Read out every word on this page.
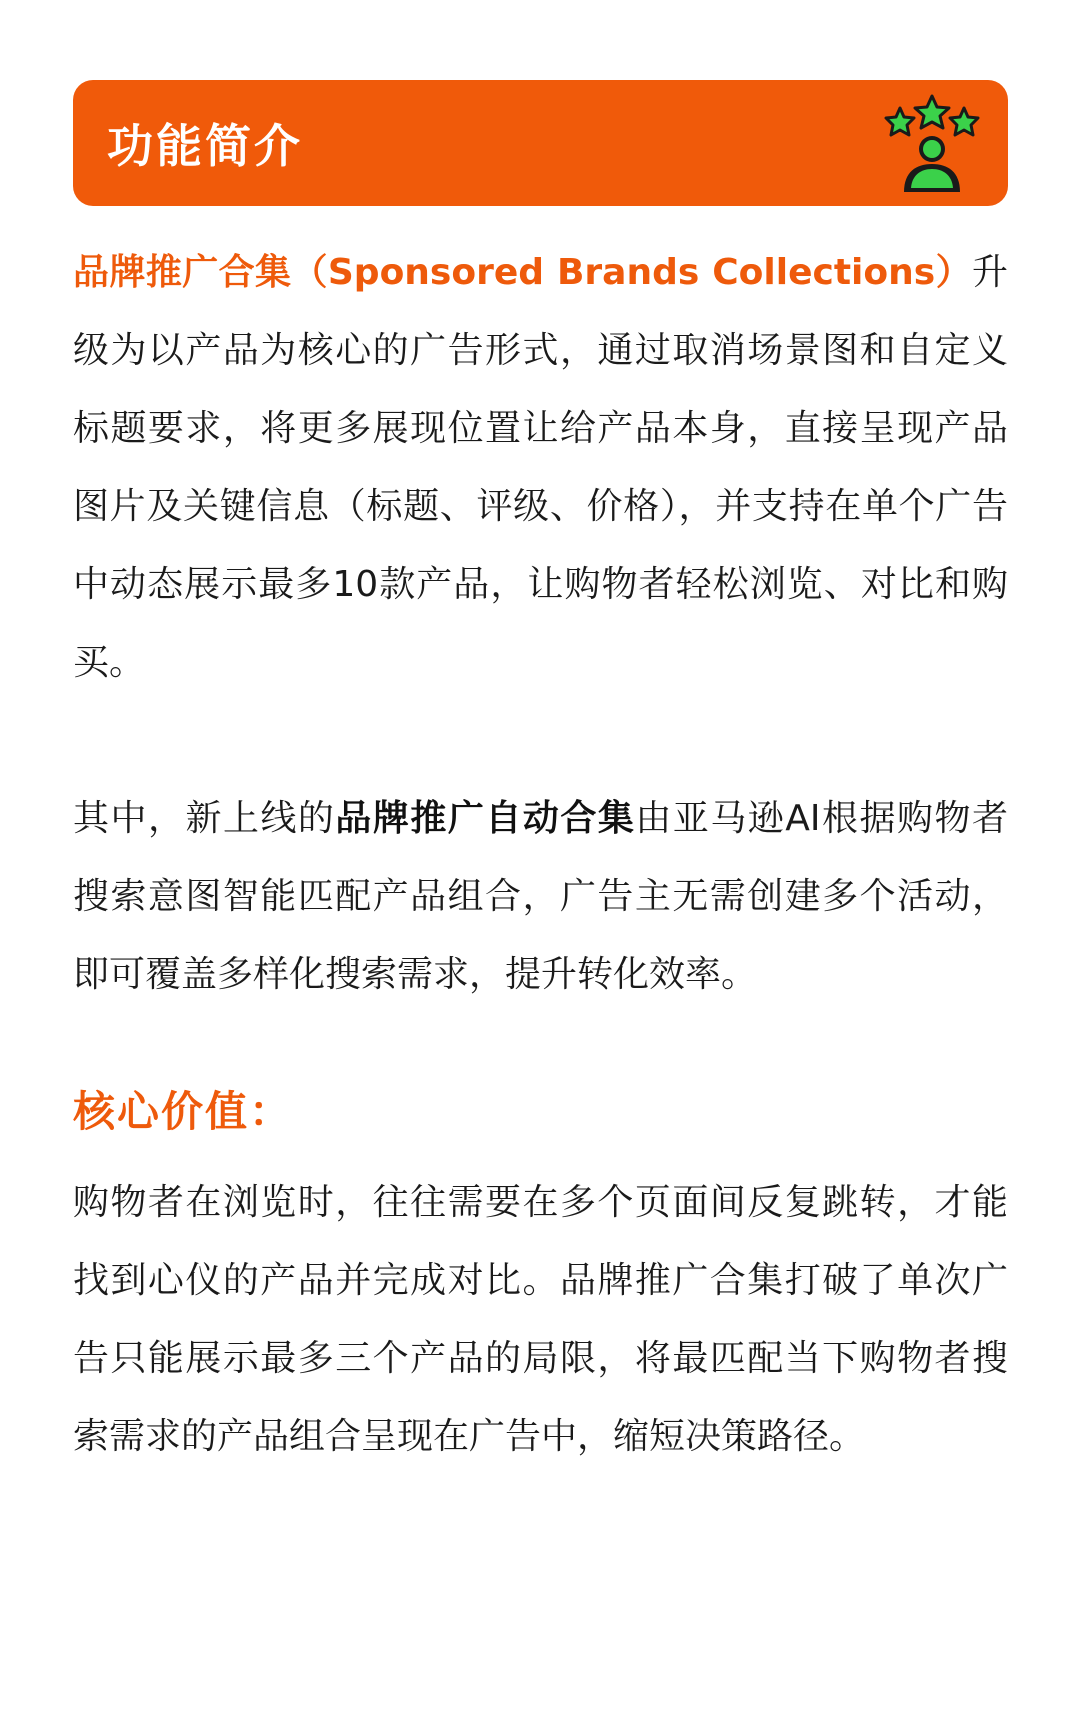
功能简介

品牌推广合集（Sponsored Brands Collections）升级为以产品为核心的广告形式，通过取消场景图和自定义标题要求，将更多展现位置让给产品本身，直接呈现产品图片及关键信息（标题、评级、价格），并支持在单个广告中动态展示最多10款产品，让购物者轻松浏览、对比和购买。

其中，新上线的品牌推广自动合集由亚马逊AI根据购物者搜索意图智能匹配产品组合，广告主无需创建多个活动，即可覆盖多样化搜索需求，提升转化效率。

核心价值：

购物者在浏览时，往往需要在多个页面间反复跳转，才能找到心仪的产品并完成对比。品牌推广合集打破了单次广告只能展示最多三个产品的局限，将最匹配当下购物者搜索需求的产品组合呈现在广告中，缩短决策路径。
